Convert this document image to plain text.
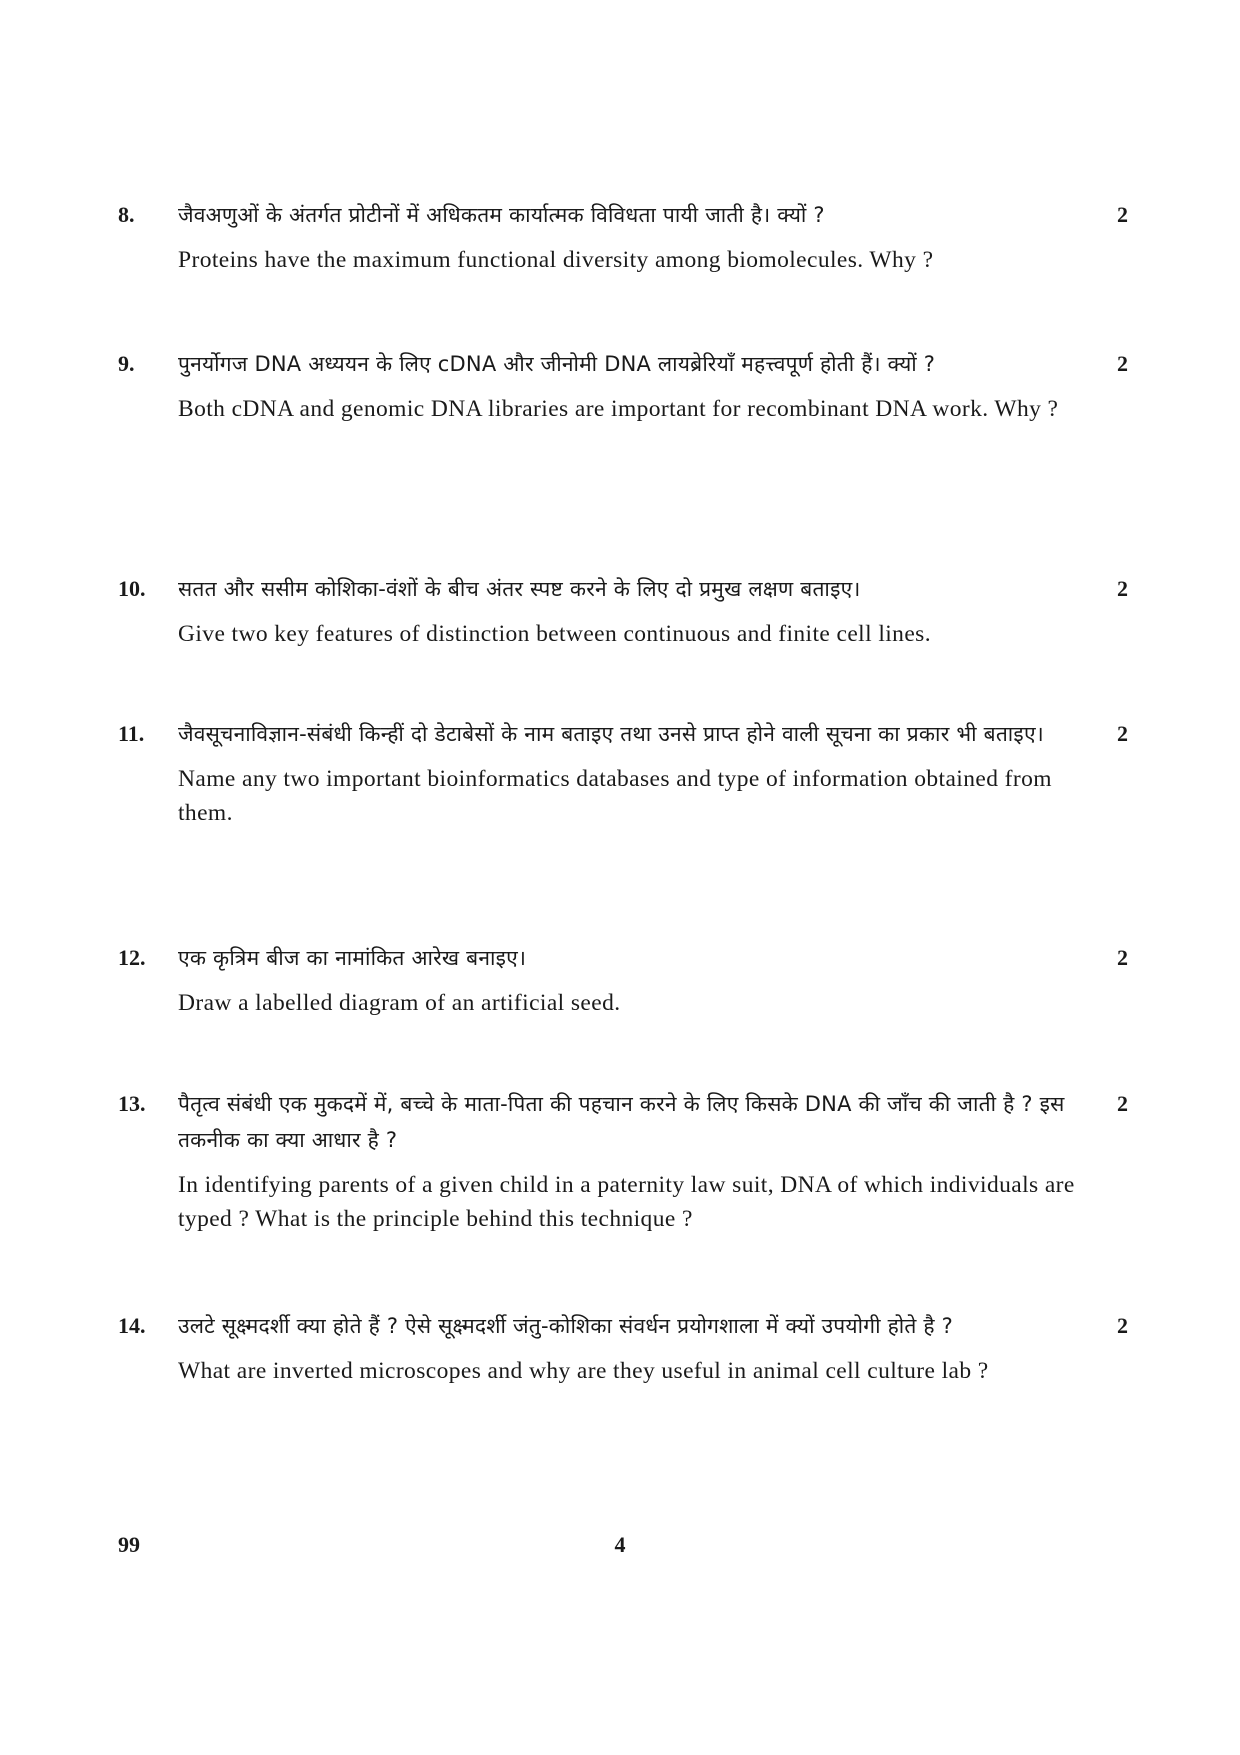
8.	2
जैवअणुओं के अंतर्गत प्रोटीनों में अधिकतम कार्यात्मक विविधता पायी जाती है। क्यों ?
Proteins have the maximum functional diversity among biomolecules. Why ?
9.	2
पुनर्योगज DNA अध्ययन के लिए cDNA और जीनोमी DNA लायब्रेरियाँ महत्त्वपूर्ण होती हैं। क्यों ?
Both cDNA and genomic DNA libraries are important for recombinant DNA work. Why ?
10.	2
सतत और ससीम कोशिका-वंशों के बीच अंतर स्पष्ट करने के लिए दो प्रमुख लक्षण बताइए।
Give two key features of distinction between continuous and finite cell lines.
11.	2
जैवसूचनाविज्ञान-संबंधी किन्हीं दो डेटाबेसों के नाम बताइए तथा उनसे प्राप्त होने वाली सूचना का प्रकार भी बताइए।
Name any two important bioinformatics databases and type of information obtained from them.
12.	2
एक कृत्रिम बीज का नामांकित आरेख बनाइए।
Draw a labelled diagram of an artificial seed.
13.	2
पैतृत्व संबंधी एक मुकदमें में, बच्चे के माता-पिता की पहचान करने के लिए किसके DNA की जाँच की जाती है ? इस तकनीक का क्या आधार है ?
In identifying parents of a given child in a paternity law suit, DNA of which individuals are typed ? What is the principle behind this technique ?
14.	2
उलटे सूक्ष्मदर्शी क्या होते हैं ? ऐसे सूक्ष्मदर्शी जंतु-कोशिका संवर्धन प्रयोगशाला में क्यों उपयोगी होते है ?
What are inverted microscopes and why are they useful in animal cell culture lab ?
99	4
